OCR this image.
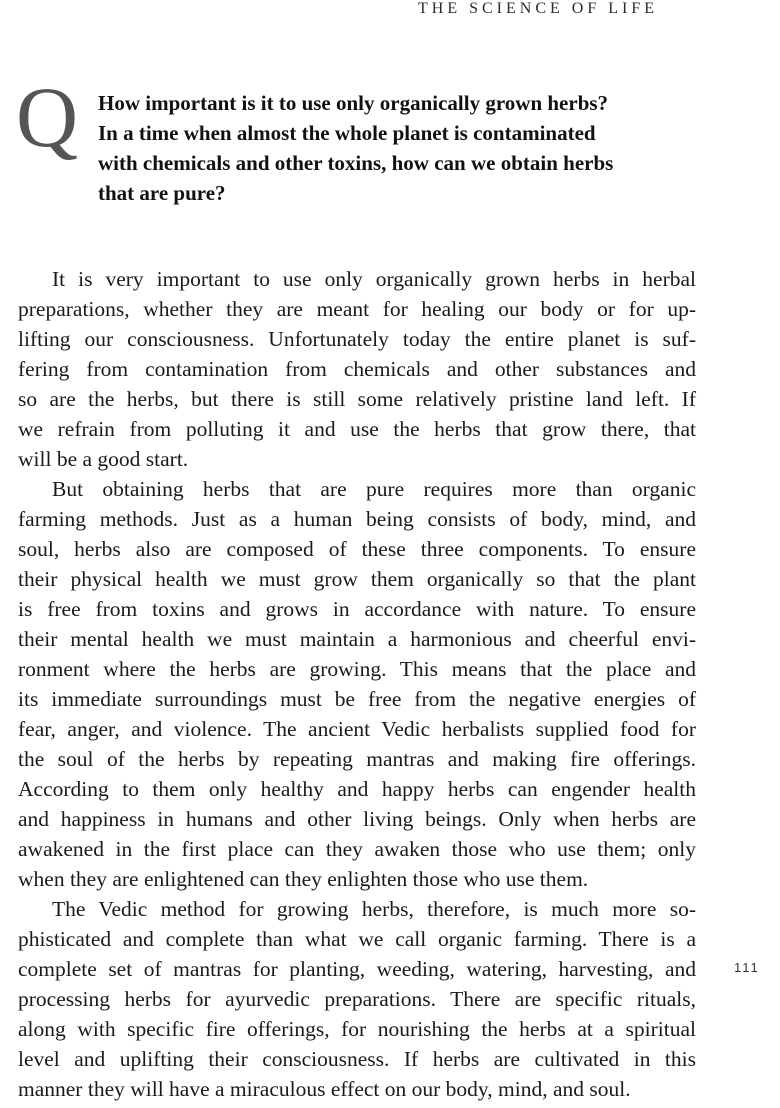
THE SCIENCE OF LIFE
Q How important is it to use only organically grown herbs?
In a time when almost the whole planet is contaminated
with chemicals and other toxins, how can we obtain herbs
that are pure?
It is very important to use only organically grown herbs in herbal
preparations, whether they are meant for healing our body or for up-
lifting our consciousness. Unfortunately today the entire planet is suf-
fering from contamination from chemicals and other substances and
so are the herbs, but there is still some relatively pristine land left. If
we refrain from polluting it and use the herbs that grow there, that
will be a good start.
But obtaining herbs that are pure requires more than organic
farming methods. Just as a human being consists of body, mind, and
soul, herbs also are composed of these three components. To ensure
their physical health we must grow them organically so that the plant
is free from toxins and grows in accordance with nature. To ensure
their mental health we must maintain a harmonious and cheerful envi-
ronment where the herbs are growing. This means that the place and
its immediate surroundings must be free from the negative energies of
fear, anger, and violence. The ancient Vedic herbalists supplied food for
the soul of the herbs by repeating mantras and making fire offerings.
According to them only healthy and happy herbs can engender health
and happiness in humans and other living beings. Only when herbs are
awakened in the first place can they awaken those who use them; only
when they are enlightened can they enlighten those who use them.
The Vedic method for growing herbs, therefore, is much more so-
phisticated and complete than what we call organic farming. There is a
complete set of mantras for planting, weeding, watering, harvesting, and
processing herbs for ayurvedic preparations. There are specific rituals,
along with specific fire offerings, for nourishing the herbs at a spiritual
level and uplifting their consciousness. If herbs are cultivated in this
manner they will have a miraculous effect on our body, mind, and soul.
111
